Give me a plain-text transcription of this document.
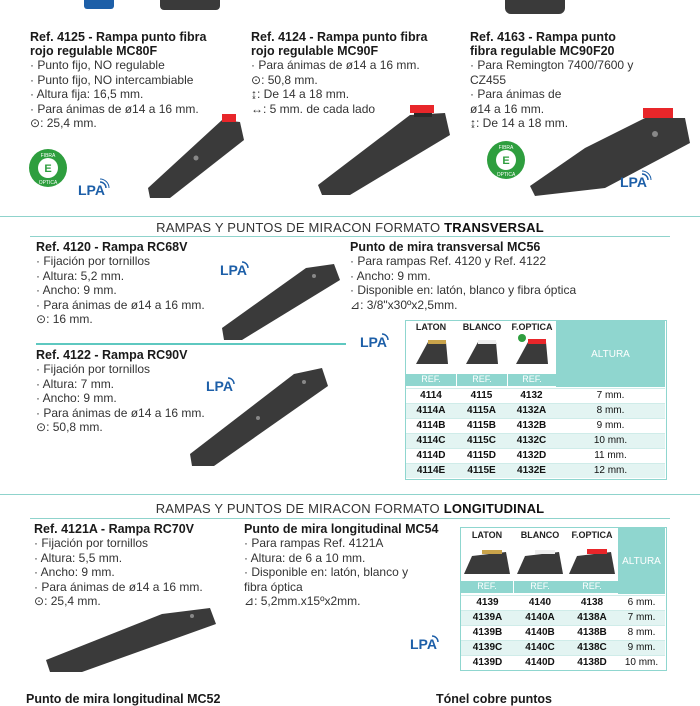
Ref. 4125 - Rampa punto fibra
rojo regulable MC80F
· Punto fijo, NO regulable
· Punto fijo, NO intercambiable
· Altura fija: 16,5 mm.
· Para ánimas de ø14 a 16 mm.
⊙: 25,4 mm.
E
FIBRA
OPTICA LPA
Ref. 4124 - Rampa punto fibra
rojo regulable MC90F
· Para ánimas de ø14 a 16 mm.
⊙: 50,8 mm.
↨: De 14 a 18 mm.
↔: 5 mm. de cada lado
Ref. 4163 - Rampa punto
fibra regulable MC90F20
· Para Remington 7400/7600 y
CZ455
· Para ánimas de
ø14 a 16 mm.
↨: De 14 a 18 mm.
E
FIBRA
OPTICA	LPA
RAMPAS Y PUNTOS DE MIRACON FORMATO TRANSVERSAL
Ref. 4120 - Rampa RC68V
· Fijación por tornillos
· Altura: 5,2 mm.
· Ancho: 9 mm.
· Para ánimas de ø14 a 16 mm.
⊙: 16 mm.
LPA
Ref. 4122 - Rampa RC90V
· Fijación por tornillos
· Altura: 7 mm.
· Ancho: 9 mm.
· Para ánimas de ø14 a 16 mm.
⊙: 50,8 mm.
LPA
Punto de mira transversal MC56
· Para rampas Ref. 4120 y Ref. 4122
· Ancho: 9 mm.
· Disponible en: latón, blanco y fibra óptica
⊿: 3/8"x30ºx2,5mm.
LPA
ALTURA
LATON	BLANCO	F.OPTICA
REF.	REF.	REF.
4114	4115	4132	7 mm.
4114A	4115A	4132A	8 mm.
4114B	4115B	4132B	9 mm.
4114C	4115C	4132C	10 mm.
4114D	4115D	4132D	11 mm.
4114E	4115E	4132E	12 mm.
RAMPAS Y PUNTOS DE MIRACON FORMATO LONGITUDINAL
Ref. 4121A - Rampa RC70V
· Fijación por tornillos
· Altura: 5,5 mm.
· Ancho: 9 mm.
· Para ánimas de ø14 a 16 mm.
⊙: 25,4 mm.
Punto de mira longitudinal MC54
· Para rampas Ref. 4121A
· Altura: de 6 a 10 mm.
· Disponible en: latón, blanco y
fibra óptica
⊿: 5,2mm.x15ºx2mm.
LPA
ALTURA
LATON	BLANCO	F.OPTICA
REF.	REF.	REF.
4139	4140	4138	6 mm.
4139A	4140A	4138A	7 mm.
4139B	4140B	4138B	8 mm.
4139C	4140C	4138C	9 mm.
4139D	4140D	4138D	10 mm.
Punto de mira longitudinal MC52	Tónel cobre puntos
